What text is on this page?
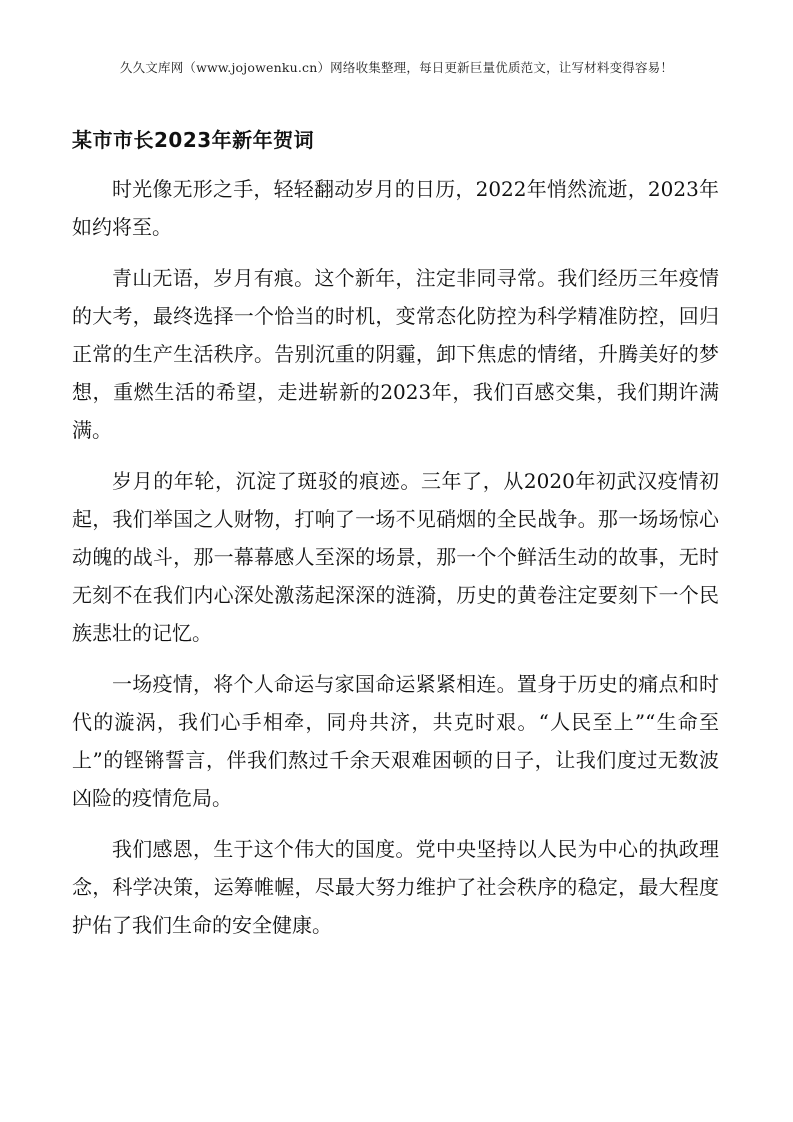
久久文库网（www.jojowenku.cn）网络收集整理，每日更新巨量优质范文，让写材料变得容易！
某市市长2023年新年贺词

时光像无形之手，轻轻翻动岁月的日历，2022年悄然流逝，2023年如约将至。

青山无语，岁月有痕。这个新年，注定非同寻常。我们经历三年疫情的大考，最终选择一个恰当的时机，变常态化防控为科学精准防控，回归正常的生产生活秩序。告别沉重的阴霾，卸下焦虑的情绪，升腾美好的梦想，重燃生活的希望，走进崭新的2023年，我们百感交集，我们期许满满。

岁月的年轮，沉淀了斑驳的痕迹。三年了，从2020年初武汉疫情初起，我们举国之人财物，打响了一场不见硝烟的全民战争。那一场场惊心动魄的战斗，那一幕幕感人至深的场景，那一个个鲜活生动的故事，无时无刻不在我们内心深处激荡起深深的涟漪，历史的黄卷注定要刻下一个民族悲壮的记忆。

一场疫情，将个人命运与家国命运紧紧相连。置身于历史的痛点和时代的漩涡，我们心手相牵，同舟共济，共克时艰。“人民至上”“生命至上”的铿锵誓言，伴我们熬过千余天艰难困顿的日子，让我们度过无数波凶险的疫情危局。

我们感恩，生于这个伟大的国度。党中央坚持以人民为中心的执政理念，科学决策，运筹帷幄，尽最大努力维护了社会秩序的稳定，最大程度护佑了我们生命的安全健康。
